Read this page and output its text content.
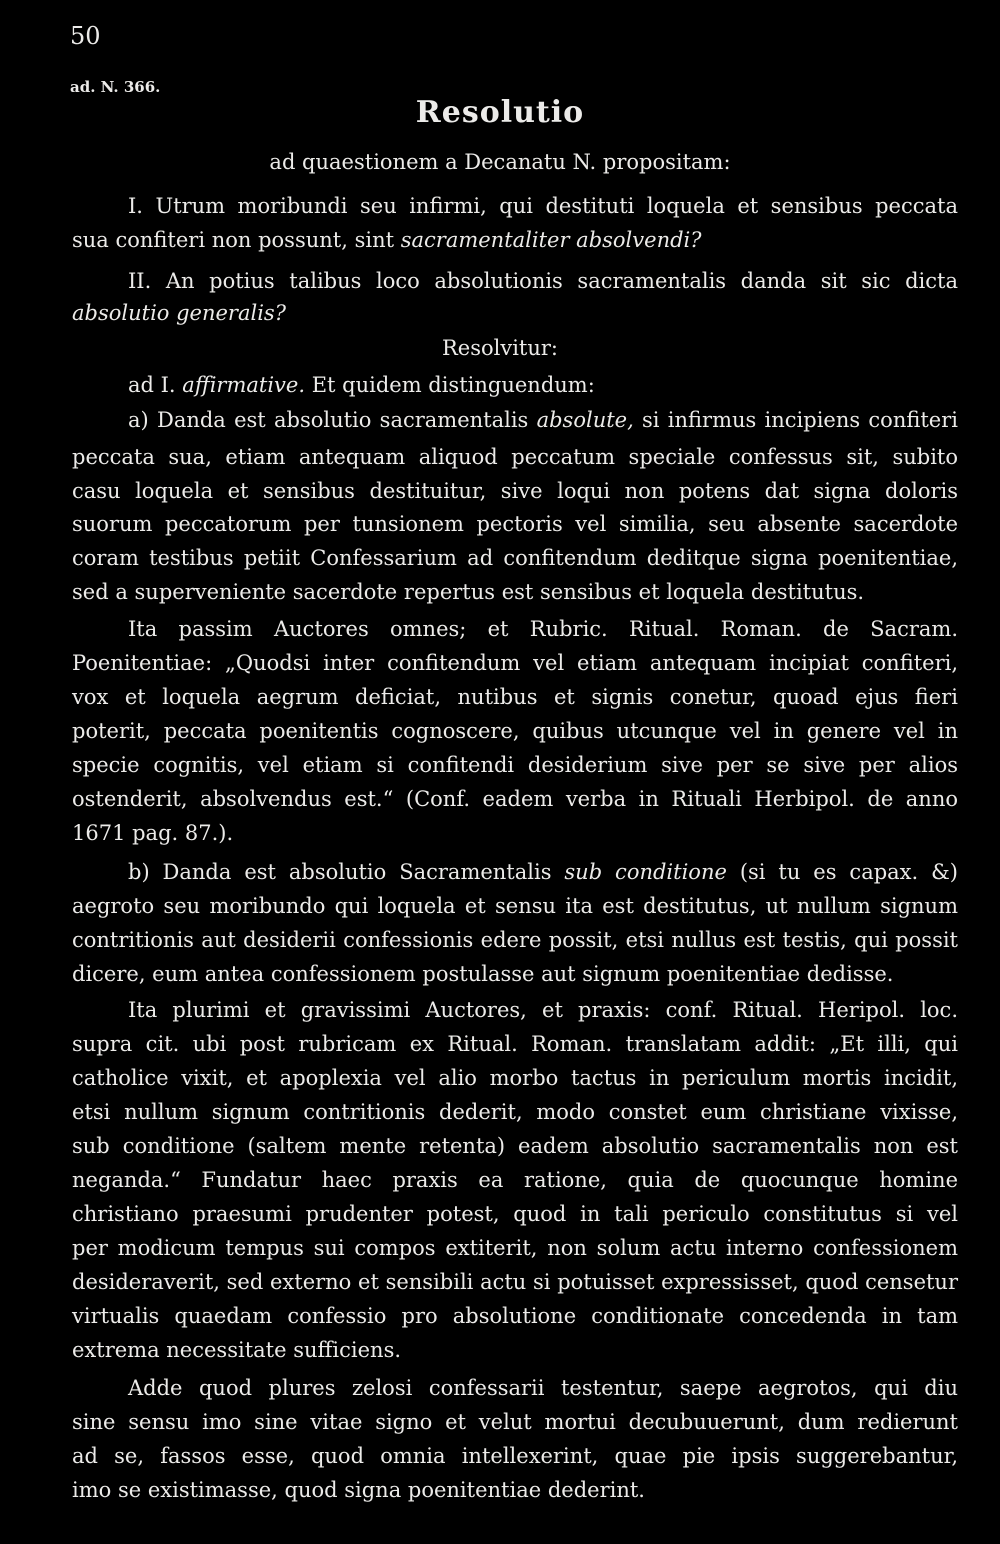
50
ad. N. 366.
Resolutio
ad quaestionem a Decanatu N. propositam:
I. Utrum moribundi seu infirmi, qui destituti loquela et sensibus peccata
sua confiteri non possunt, sint sacramentaliter absolvendi?
II. An potius talibus loco absolutionis sacramentalis danda sit sic dicta
absolutio generalis?
Resolvitur:
ad I. affirmative. Et quidem distinguendum:
a) Danda est absolutio sacramentalis absolute, si infirmus incipiens confiteri
peccata sua, etiam antequam aliquod peccatum speciale confessus sit, subito
casu loquela et sensibus destituitur, sive loqui non potens dat signa doloris
suorum peccatorum per tunsionem pectoris vel similia, seu absente sacerdote
coram testibus petiit Confessarium ad confitendum deditque signa poenitentiae,
sed a superveniente sacerdote repertus est sensibus et loquela destitutus.
Ita passim Auctores omnes; et Rubric. Ritual. Roman. de Sacram.
Poenitentiae: „Quodsi inter confitendum vel etiam antequam incipiat confiteri,
vox et loquela aegrum deficiat, nutibus et signis conetur, quoad ejus fieri
poterit, peccata poenitentis cognoscere, quibus utcunque vel in genere vel in
specie cognitis, vel etiam si confitendi desiderium sive per se sive per alios
ostenderit, absolvendus est.“ (Conf. eadem verba in Rituali Herbipol. de anno
1671 pag. 87.).
b) Danda est absolutio Sacramentalis sub conditione (si tu es capax. &)
aegroto seu moribundo qui loquela et sensu ita est destitutus, ut nullum signum
contritionis aut desiderii confessionis edere possit, etsi nullus est testis, qui possit
dicere, eum antea confessionem postulasse aut signum poenitentiae dedisse.
Ita plurimi et gravissimi Auctores, et praxis: conf. Ritual. Heripol. loc.
supra cit. ubi post rubricam ex Ritual. Roman. translatam addit: „Et illi, qui
catholice vixit, et apoplexia vel alio morbo tactus in periculum mortis incidit,
etsi nullum signum contritionis dederit, modo constet eum christiane vixisse,
sub conditione (saltem mente retenta) eadem absolutio sacramentalis non est
neganda.“ Fundatur haec praxis ea ratione, quia de quocunque homine
christiano praesumi prudenter potest, quod in tali periculo constitutus si vel
per modicum tempus sui compos extiterit, non solum actu interno confessionem
desideraverit, sed externo et sensibili actu si potuisset expressisset, quod censetur
virtualis quaedam confessio pro absolutione conditionate concedenda in tam
extrema necessitate sufficiens.
Adde quod plures zelosi confessarii testentur, saepe aegrotos, qui diu
sine sensu imo sine vitae signo et velut mortui decubuuerunt, dum redierunt
ad se, fassos esse, quod omnia intellexerint, quae pie ipsis suggerebantur,
imo se existimasse, quod signa poenitentiae dederint.
